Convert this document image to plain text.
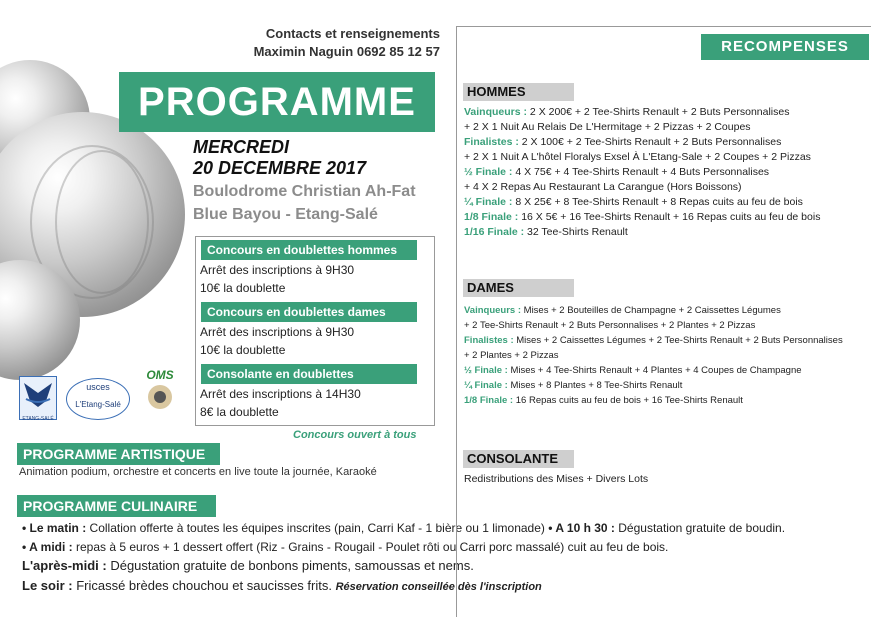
Contacts et renseignements
Maximin Naguin 0692 85 12 57
PROGRAMME
MERCREDI
20 DECEMBRE 2017
Boulodrome Christian Ah-Fat
Blue Bayou - Etang-Salé
Concours en doublettes hommes
Arrêt des inscriptions à 9H30
10€ la doublette
Concours en doublettes dames
Arrêt des inscriptions à 9H30
10€ la doublette
Consolante en doublettes
Arrêt des inscriptions à 14H30
8€ la doublette
ETANG-SALÉ
usces
L'Etang-Salé
OMS
Concours ouvert à tous
PROGRAMME ARTISTIQUE
Animation podium, orchestre et concerts en live toute la journée, Karaoké
PROGRAMME CULINAIRE
• Le matin : Collation offerte à toutes les équipes inscrites (pain, Carri Kaf - 1 bière ou 1 limonade) • A 10 h 30 : Dégustation gratuite de boudin.
• A midi : repas à 5 euros + 1 dessert offert (Riz - Grains - Rougail - Poulet rôti ou Carri porc massalé) cuit au feu de bois.
L'après-midi : Dégustation gratuite de bonbons piments, samoussas et nems.
Le soir : Fricassé brèdes chouchou et saucisses frits. Réservation conseillée dès l'inscription
RECOMPENSES
HOMMES
Vainqueurs : 2 X 200€ + 2 Tee-Shirts Renault + 2 Buts Personnalises
+ 2 X 1 Nuit Au Relais De L'Hermitage + 2 Pizzas + 2 Coupes
Finalistes : 2 X 100€ + 2 Tee-Shirts Renault + 2 Buts Personnalises
+ 2 X 1 Nuit A L'hôtel Floralys Exsel À L'Etang-Sale + 2 Coupes + 2 Pizzas
½ Finale : 4 X 75€ + 4 Tee-Shirts Renault + 4 Buts Personnalises
+ 4 X 2 Repas Au Restaurant La Carangue (Hors Boissons)
¼ Finale : 8 X 25€ + 8 Tee-Shirts Renault + 8 Repas cuits au feu de bois
1/8 Finale : 16 X 5€ + 16 Tee-Shirts Renault + 16 Repas cuits au feu de bois
1/16 Finale : 32 Tee-Shirts Renault
DAMES
Vainqueurs : Mises + 2 Bouteilles de Champagne + 2 Caissettes Légumes
+ 2 Tee-Shirts Renault + 2 Buts Personnalises + 2 Plantes + 2 Pizzas
Finalistes : Mises + 2 Caissettes Légumes + 2 Tee-Shirts Renault + 2 Buts Personnalises
+ 2 Plantes + 2 Pizzas
½ Finale : Mises + 4 Tee-Shirts Renault + 4 Plantes + 4 Coupes de Champagne
¼ Finale : Mises + 8 Plantes + 8 Tee-Shirts Renault
1/8 Finale : 16 Repas cuits au feu de bois + 16 Tee-Shirts Renault
CONSOLANTE
Redistributions des Mises + Divers Lots
